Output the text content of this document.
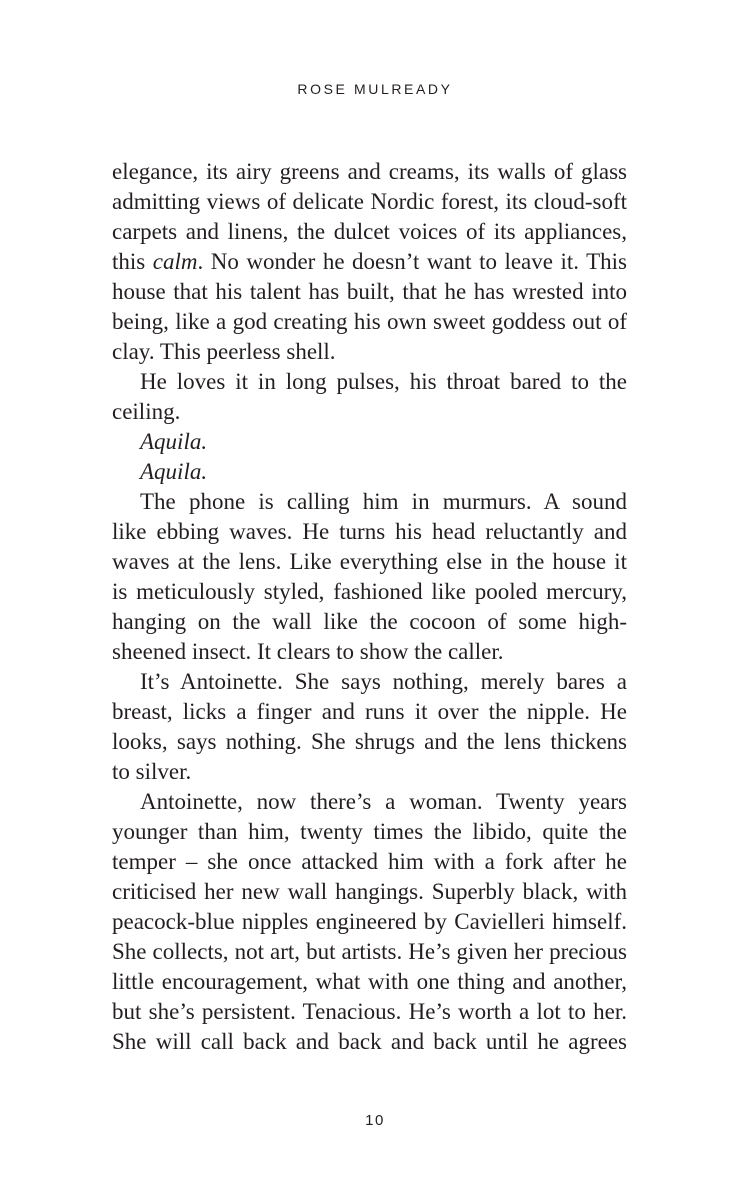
ROSE MULREADY
elegance, its airy greens and creams, its walls of glass
admitting views of delicate Nordic forest, its cloud-soft
carpets and linens, the dulcet voices of its appliances,
this calm. No wonder he doesn’t want to leave it. This
house that his talent has built, that he has wrested into
being, like a god creating his own sweet goddess out of
clay. This peerless shell.
He loves it in long pulses, his throat bared to the
ceiling.
Aquila.
Aquila.
The phone is calling him in murmurs. A sound
like ebbing waves. He turns his head reluctantly and
waves at the lens. Like everything else in the house it
is meticulously styled, fashioned like pooled mercury,
hanging on the wall like the cocoon of some high-
sheened insect. It clears to show the caller.
It’s Antoinette. She says nothing, merely bares a
breast, licks a finger and runs it over the nipple. He
looks, says nothing. She shrugs and the lens thickens
to silver.
Antoinette, now there’s a woman. Twenty years
younger than him, twenty times the libido, quite the
temper – she once attacked him with a fork after he
criticised her new wall hangings. Superbly black, with
peacock-blue nipples engineered by Cavielleri himself.
She collects, not art, but artists. He’s given her precious
little encouragement, what with one thing and another,
but she’s persistent. Tenacious. He’s worth a lot to her.
She will call back and back and back until he agrees
10
